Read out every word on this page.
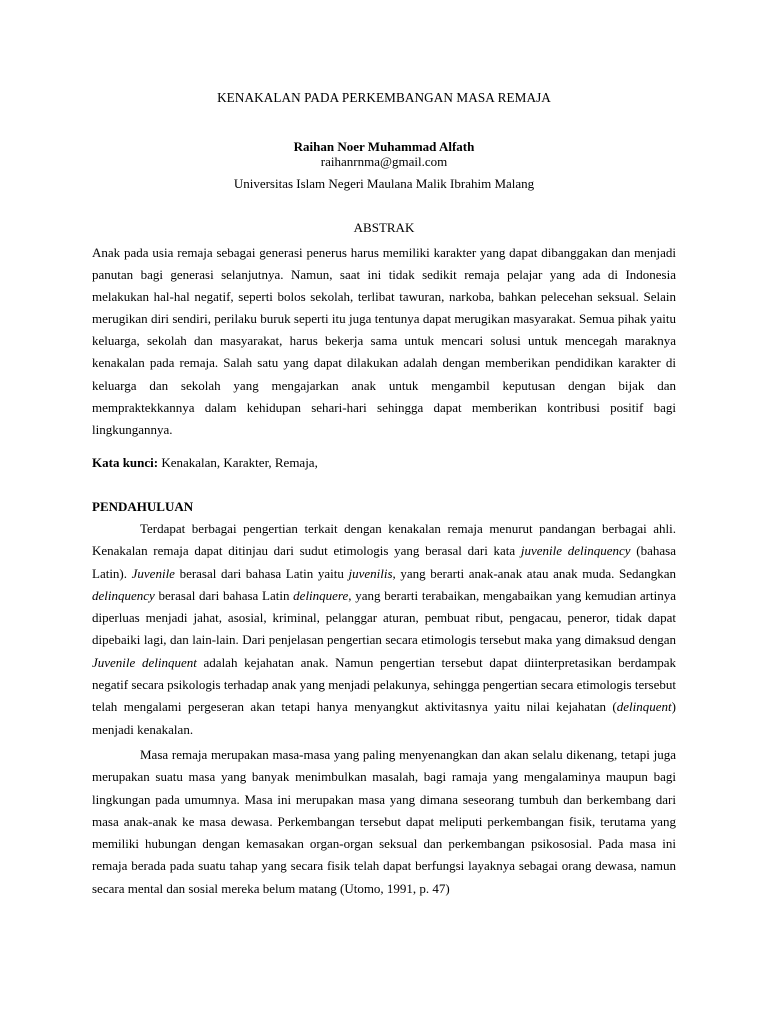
KENAKALAN PADA PERKEMBANGAN MASA REMAJA
Raihan Noer Muhammad Alfath
raihanrnma@gmail.com
Universitas Islam Negeri Maulana Malik Ibrahim Malang
ABSTRAK
Anak pada usia remaja sebagai generasi penerus harus memiliki karakter yang dapat dibanggakan dan menjadi panutan bagi generasi selanjutnya. Namun, saat ini tidak sedikit remaja pelajar yang ada di Indonesia melakukan hal-hal negatif, seperti bolos sekolah, terlibat tawuran, narkoba, bahkan pelecehan seksual. Selain merugikan diri sendiri, perilaku buruk seperti itu juga tentunya dapat merugikan masyarakat. Semua pihak yaitu keluarga, sekolah dan masyarakat, harus bekerja sama untuk mencari solusi untuk mencegah maraknya kenakalan pada remaja. Salah satu yang dapat dilakukan adalah dengan memberikan pendidikan karakter di keluarga dan sekolah yang mengajarkan anak untuk mengambil keputusan dengan bijak dan mempraktekkannya dalam kehidupan sehari-hari sehingga dapat memberikan kontribusi positif bagi lingkungannya.
Kata kunci: Kenakalan, Karakter, Remaja,
PENDAHULUAN
Terdapat berbagai pengertian terkait dengan kenakalan remaja menurut pandangan berbagai ahli. Kenakalan remaja dapat ditinjau dari sudut etimologis yang berasal dari kata juvenile delinquency (bahasa Latin). Juvenile berasal dari bahasa Latin yaitu juvenilis, yang berarti anak-anak atau anak muda. Sedangkan delinquency berasal dari bahasa Latin delinquere, yang berarti terabaikan, mengabaikan yang kemudian artinya diperluas menjadi jahat, asosial, kriminal, pelanggar aturan, pembuat ribut, pengacau, peneror, tidak dapat dipebaiki lagi, dan lain-lain. Dari penjelasan pengertian secara etimologis tersebut maka yang dimaksud dengan Juvenile delinquent adalah kejahatan anak. Namun pengertian tersebut dapat diinterpretasikan berdampak negatif secara psikologis terhadap anak yang menjadi pelakunya, sehingga pengertian secara etimologis tersebut telah mengalami pergeseran akan tetapi hanya menyangkut aktivitasnya yaitu nilai kejahatan (delinquent) menjadi kenakalan.
Masa remaja merupakan masa-masa yang paling menyenangkan dan akan selalu dikenang, tetapi juga merupakan suatu masa yang banyak menimbulkan masalah, bagi ramaja yang mengalaminya maupun bagi lingkungan pada umumnya. Masa ini merupakan masa yang dimana seseorang tumbuh dan berkembang dari masa anak-anak ke masa dewasa. Perkembangan tersebut dapat meliputi perkembangan fisik, terutama yang memiliki hubungan dengan kemasakan organ-organ seksual dan perkembangan psikososial. Pada masa ini remaja berada pada suatu tahap yang secara fisik telah dapat berfungsi layaknya sebagai orang dewasa, namun secara mental dan sosial mereka belum matang (Utomo, 1991, p. 47)
